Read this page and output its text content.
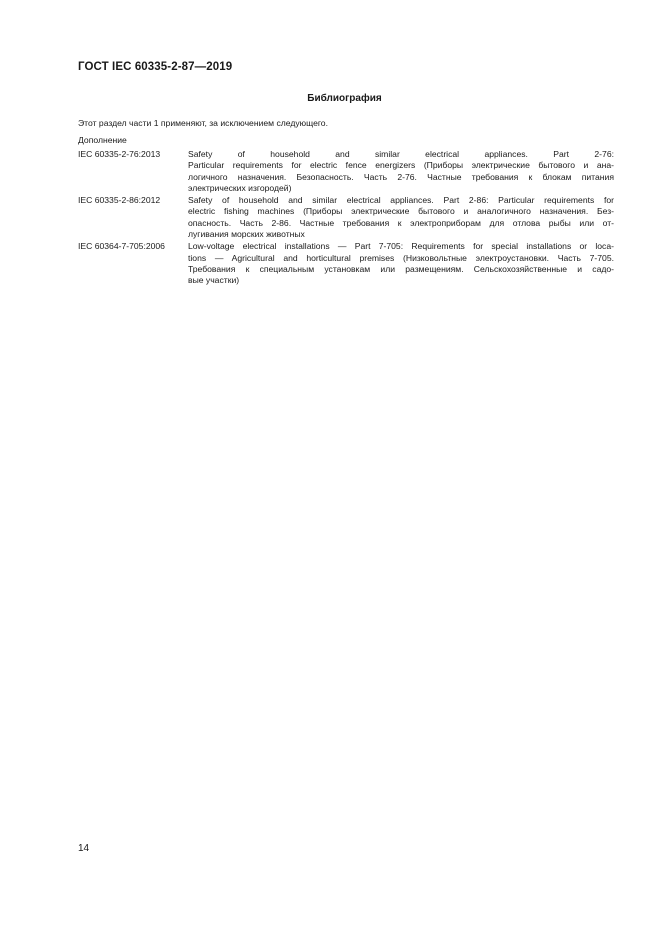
ГОСТ IEC 60335-2-87—2019
Библиография
Этот раздел части 1 применяют, за исключением следующего.
Дополнение
IEC 60335-2-76:2013	Safety of household and similar electrical appliances. Part 2-76:
Particular requirements for electric fence energizers (Приборы электрические бытового и ана-
логичного назначения. Безопасность. Часть 2-76. Частные требования к блокам питания
электрических изгородей)
IEC 60335-2-86:2012	Safety of household and similar electrical appliances. Part 2-86: Particular requirements for
electric fishing machines (Приборы электрические бытового и аналогичного назначения. Без-
опасность. Часть 2-86. Частные требования к электроприборам для отлова рыбы или от-
лугивания морских животных
IEC 60364-7-705:2006	Low-voltage electrical installations — Part 7-705: Requirements for special installations or loca-
tions — Agricultural and horticultural premises (Низковольтные электроустановки. Часть 7-705.
Требования к специальным установкам или размещениям. Сельскохозяйственные и садо-
вые участки)
14
